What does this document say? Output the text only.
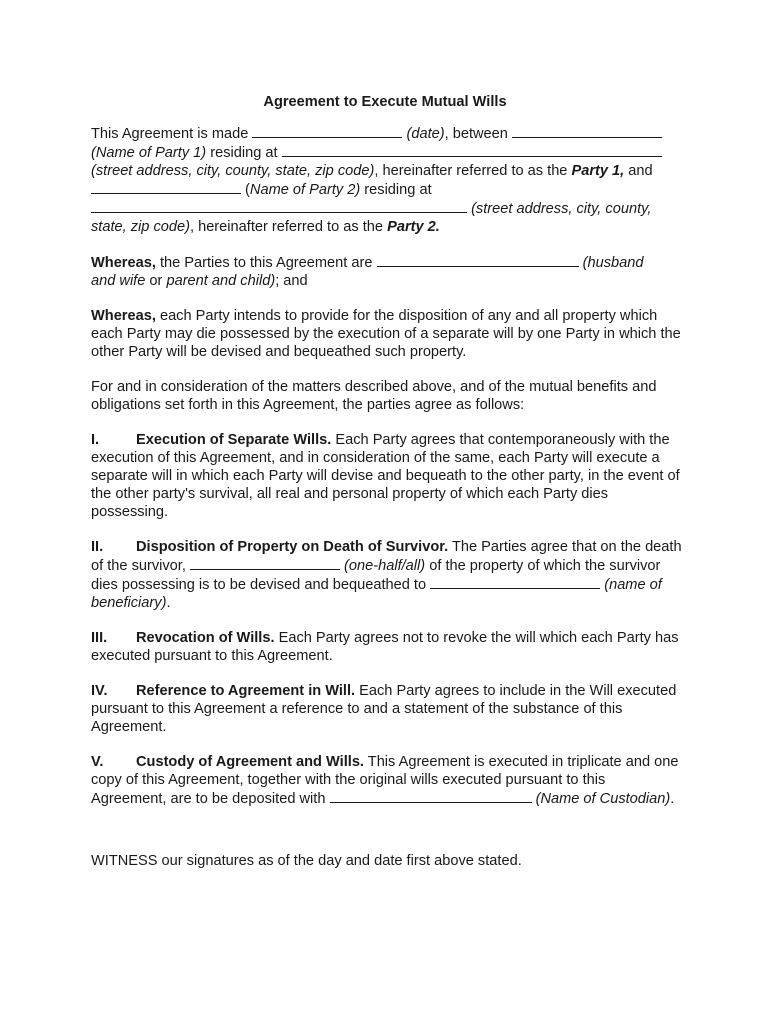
Agreement to Execute Mutual Wills

This Agreement is made	(date), between
(Name of Party 1) residing at
(street address, city, county, state, zip code), hereinafter referred to as the Party 1, and
(Name of Party 2) residing at
(street address, city, county,
state, zip code), hereinafter referred to as the Party 2.

Whereas, the Parties to this Agreement are	(husband
and wife or parent and child); and

Whereas, each Party intends to provide for the disposition of any and all property which each Party may die possessed by the execution of a separate will by one Party in which the other Party will be devised and bequeathed such property.

For and in consideration of the matters described above, and of the mutual benefits and obligations set forth in this Agreement, the parties agree as follows:

I.	Execution of Separate Wills. Each Party agrees that contemporaneously with the execution of this Agreement, and in consideration of the same, each Party will execute a separate will in which each Party will devise and bequeath to the other party, in the event of the other party's survival, all real and personal property of which each Party dies possessing.

II. Disposition of Property on Death of Survivor. The Parties agree that on the death of the survivor,	(one-half/all) of the property of which the survivor dies possessing is to be devised and bequeathed to	(name of beneficiary).

III. Revocation of Wills. Each Party agrees not to revoke the will which each Party has executed pursuant to this Agreement.

IV. Reference to Agreement in Will. Each Party agrees to include in the Will executed pursuant to this Agreement a reference to and a statement of the substance of this Agreement.

V. Custody of Agreement and Wills. This Agreement is executed in triplicate and one copy of this Agreement, together with the original wills executed pursuant to this Agreement, are to be deposited with	(Name of Custodian).

WITNESS our signatures as of the day and date first above stated.
